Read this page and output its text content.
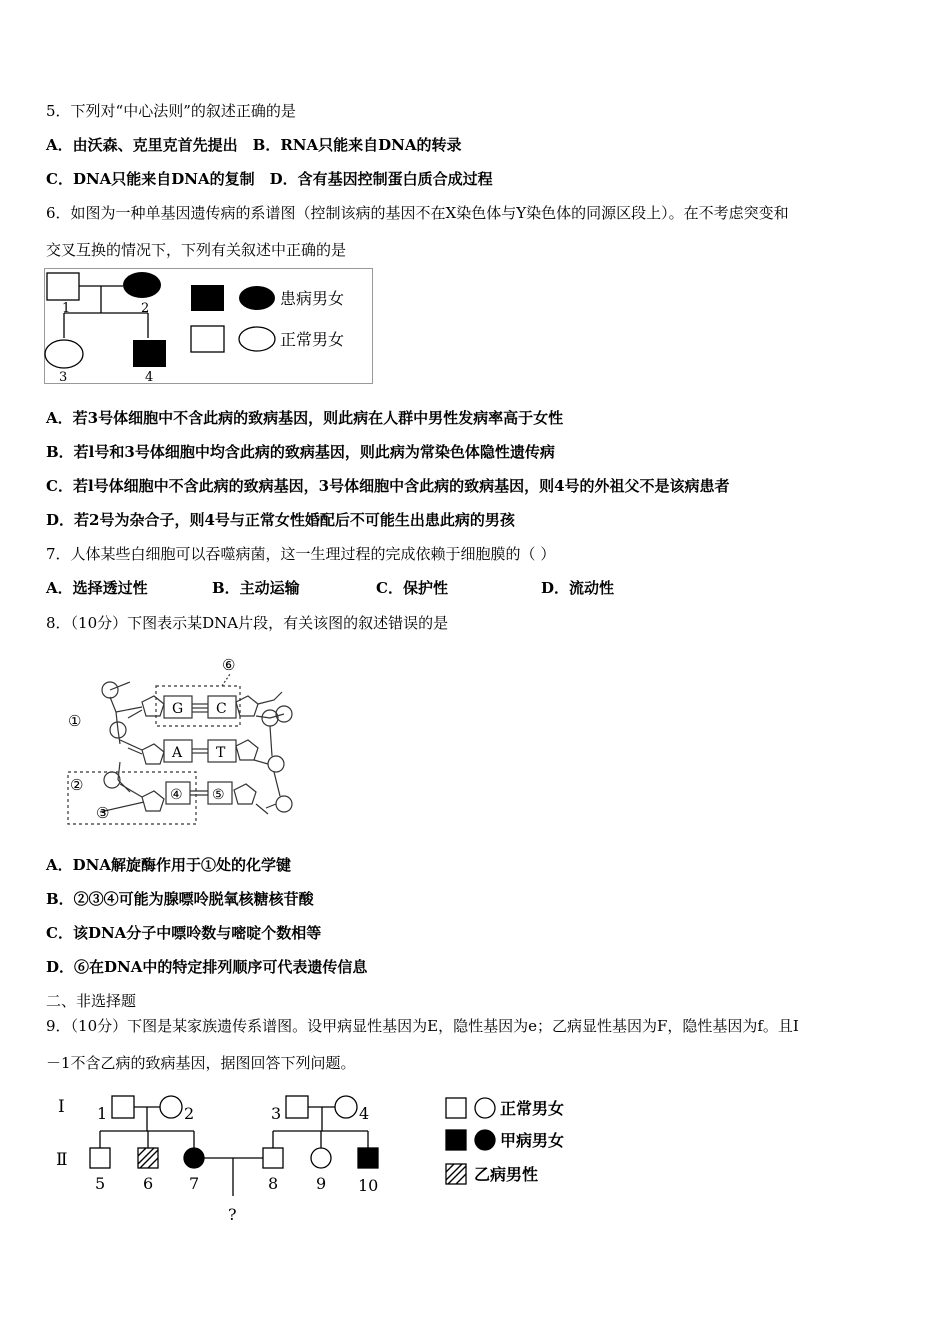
5．下列对“中心法则”的叙述正确的是
A．由沃森、克里克首先提出　B．RNA只能来自DNA的转录
C．DNA只能来自DNA的复制　D．含有基因控制蛋白质合成过程
6．如图为一种单基因遗传病的系谱图（控制该病的基因不在X染色体与Y染色体的同源区段上）。在不考虑突变和
交叉互换的情况下，下列有关叙述中正确的是
1	2
3	4
患病男女
正常男女
A．若3号体细胞中不含此病的致病基因，则此病在人群中男性发病率高于女性
B．若l号和3号体细胞中均含此病的致病基因，则此病为常染色体隐性遗传病
C．若l号体细胞中不含此病的致病基因，3号体细胞中含此病的致病基因，则4号的外祖父不是该病患者
D．若2号为杂合子，则4号与正常女性婚配后不可能生出患此病的男孩
7．人体某些白细胞可以吞噬病菌，这一生理过程的完成依赖于细胞膜的（ ）
A．选择透过性	B．主动运输	C．保护性	D．流动性
8．（10分）下图表示某DNA片段，有关该图的叙述错误的是
G C
A T
①
②
③
④ ⑤
⑥
A．DNA解旋酶作用于①处的化学键
B．②③④可能为腺嘌呤脱氧核糖核苷酸
C．该DNA分子中嘌呤数与嘧啶个数相等
D．⑥在DNA中的特定排列顺序可代表遗传信息
二、非选择题
9．（10分）下图是某家族遗传系谱图。设甲病显性基因为E，隐性基因为e；乙病显性基因为F，隐性基因为f。且Ⅰ
－1不含乙病的致病基因，据图回答下列问题。
Ⅰ
Ⅱ
1	2	3	4
5 6 7	8 9 10
?
正常男女
甲病男女
乙病男性
